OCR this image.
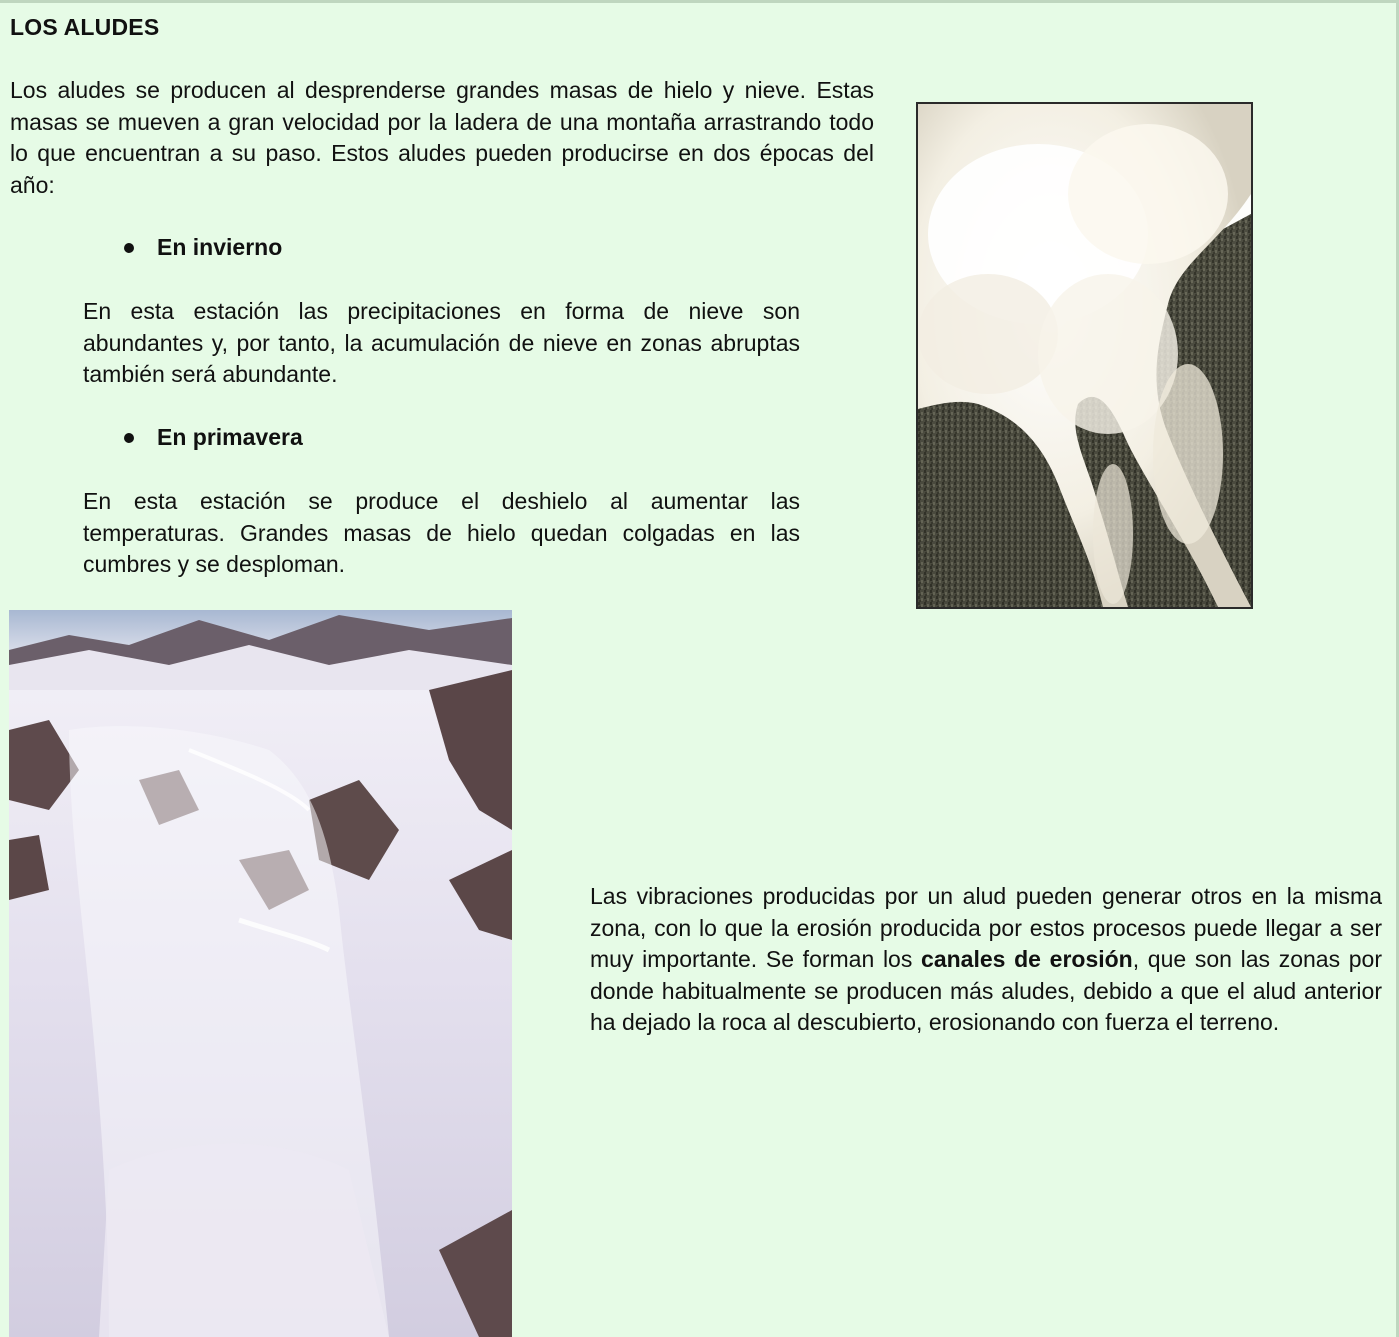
LOS ALUDES

Los aludes se producen al desprenderse grandes masas de hielo y nieve. Estas masas se mueven a gran velocidad por la ladera de una montaña arrastrando todo lo que encuentran a su paso. Estos aludes pueden producirse en dos épocas del año:

En invierno

En esta estación las precipitaciones en forma de nieve son abundantes y, por tanto, la acumulación de nieve en zonas abruptas también será abundante.

En primavera

En esta estación se produce el deshielo al aumentar las temperaturas. Grandes masas de hielo quedan colgadas en las cumbres y se desploman.

Las vibraciones producidas por un alud pueden generar otros en la misma zona, con lo que la erosión producida por estos procesos puede llegar a ser muy importante. Se forman los canales de erosión, que son las zonas por donde habitualmente se producen más aludes, debido a que el alud anterior ha dejado la roca al descubierto, erosionando con fuerza el terreno.
